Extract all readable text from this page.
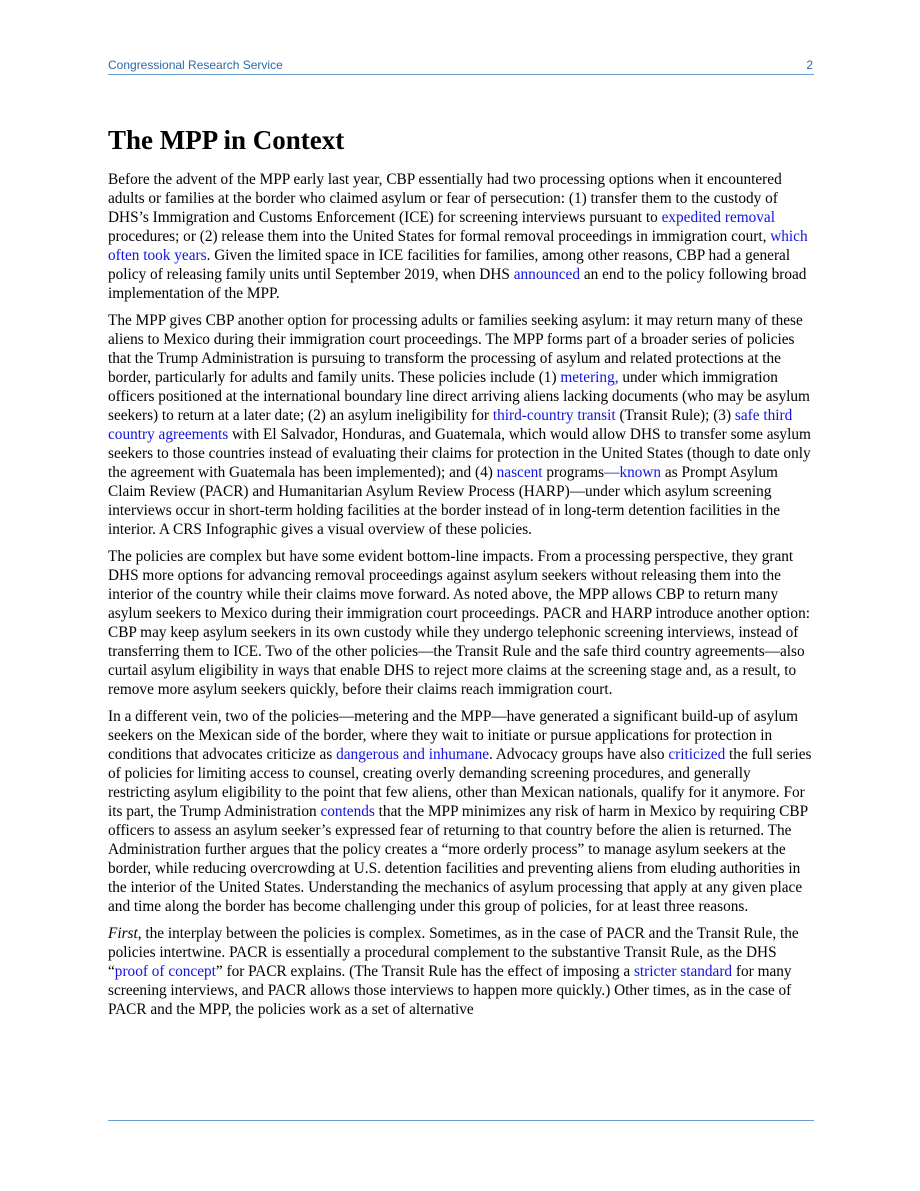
Congressional Research Service	2
The MPP in Context

Before the advent of the MPP early last year, CBP essentially had two processing options when it encountered adults or families at the border who claimed asylum or fear of persecution: (1) transfer them to the custody of DHS’s Immigration and Customs Enforcement (ICE) for screening interviews pursuant to expedited removal procedures; or (2) release them into the United States for formal removal proceedings in immigration court, which often took years. Given the limited space in ICE facilities for families, among other reasons, CBP had a general policy of releasing family units until September 2019, when DHS announced an end to the policy following broad implementation of the MPP.

The MPP gives CBP another option for processing adults or families seeking asylum: it may return many of these aliens to Mexico during their immigration court proceedings. The MPP forms part of a broader series of policies that the Trump Administration is pursuing to transform the processing of asylum and related protections at the border, particularly for adults and family units. These policies include (1) metering, under which immigration officers positioned at the international boundary line direct arriving aliens lacking documents (who may be asylum seekers) to return at a later date; (2) an asylum ineligibility for third-country transit (Transit Rule); (3) safe third country agreements with El Salvador, Honduras, and Guatemala, which would allow DHS to transfer some asylum seekers to those countries instead of evaluating their claims for protection in the United States (though to date only the agreement with Guatemala has been implemented); and (4) nascent programs—known as Prompt Asylum Claim Review (PACR) and Humanitarian Asylum Review Process (HARP)—under which asylum screening interviews occur in short-term holding facilities at the border instead of in long-term detention facilities in the interior. A CRS Infographic gives a visual overview of these policies.

The policies are complex but have some evident bottom-line impacts. From a processing perspective, they grant DHS more options for advancing removal proceedings against asylum seekers without releasing them into the interior of the country while their claims move forward. As noted above, the MPP allows CBP to return many asylum seekers to Mexico during their immigration court proceedings. PACR and HARP introduce another option: CBP may keep asylum seekers in its own custody while they undergo telephonic screening interviews, instead of transferring them to ICE. Two of the other policies—the Transit Rule and the safe third country agreements—also curtail asylum eligibility in ways that enable DHS to reject more claims at the screening stage and, as a result, to remove more asylum seekers quickly, before their claims reach immigration court.

In a different vein, two of the policies—metering and the MPP—have generated a significant build-up of asylum seekers on the Mexican side of the border, where they wait to initiate or pursue applications for protection in conditions that advocates criticize as dangerous and inhumane. Advocacy groups have also criticized the full series of policies for limiting access to counsel, creating overly demanding screening procedures, and generally restricting asylum eligibility to the point that few aliens, other than Mexican nationals, qualify for it anymore. For its part, the Trump Administration contends that the MPP minimizes any risk of harm in Mexico by requiring CBP officers to assess an asylum seeker’s expressed fear of returning to that country before the alien is returned. The Administration further argues that the policy creates a “more orderly process” to manage asylum seekers at the border, while reducing overcrowding at U.S. detention facilities and preventing aliens from eluding authorities in the interior of the United States. Understanding the mechanics of asylum processing that apply at any given place and time along the border has become challenging under this group of policies, for at least three reasons.

First, the interplay between the policies is complex. Sometimes, as in the case of PACR and the Transit Rule, the policies intertwine. PACR is essentially a procedural complement to the substantive Transit Rule, as the DHS “proof of concept” for PACR explains. (The Transit Rule has the effect of imposing a stricter standard for many screening interviews, and PACR allows those interviews to happen more quickly.) Other times, as in the case of PACR and the MPP, the policies work as a set of alternative
